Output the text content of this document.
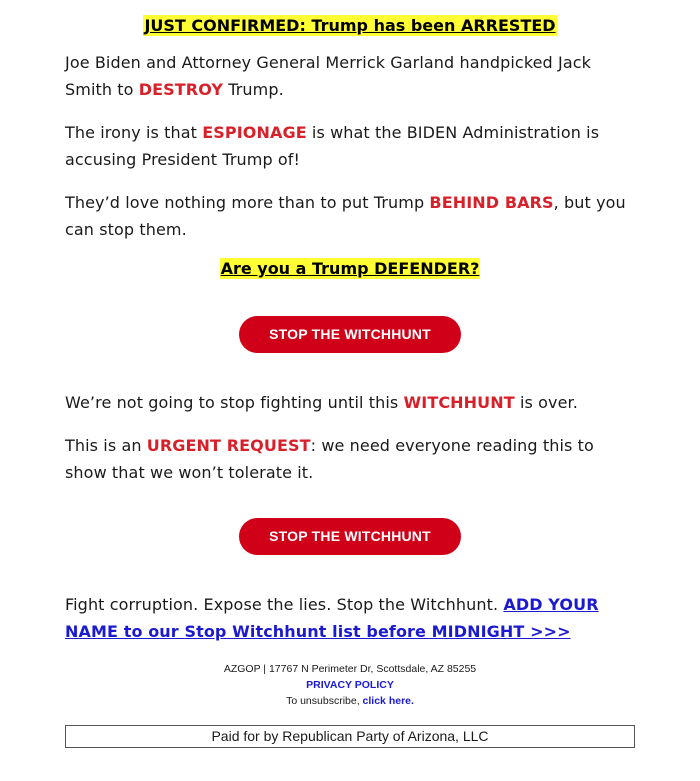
JUST CONFIRMED: Trump has been ARRESTED

Joe Biden and Attorney General Merrick Garland handpicked Jack Smith to DESTROY Trump.

The irony is that ESPIONAGE is what the BIDEN Administration is accusing President Trump of!

They’d love nothing more than to put Trump BEHIND BARS, but you can stop them.

Are you a Trump DEFENDER?
STOP THE WITCHHUNT

We’re not going to stop fighting until this WITCHHUNT is over.

This is an URGENT REQUEST: we need everyone reading this to show that we won’t tolerate it.

STOP THE WITCHHUNT

Fight corruption. Expose the lies. Stop the Witchhunt. ADD YOUR NAME to our Stop Witchhunt list before MIDNIGHT >>>

AZGOP | 17767 N Perimeter Dr, Scottsdale, AZ 85255
PRIVACY POLICY
To unsubscribe, click here.
Paid for by Republican Party of Arizona, LLC
